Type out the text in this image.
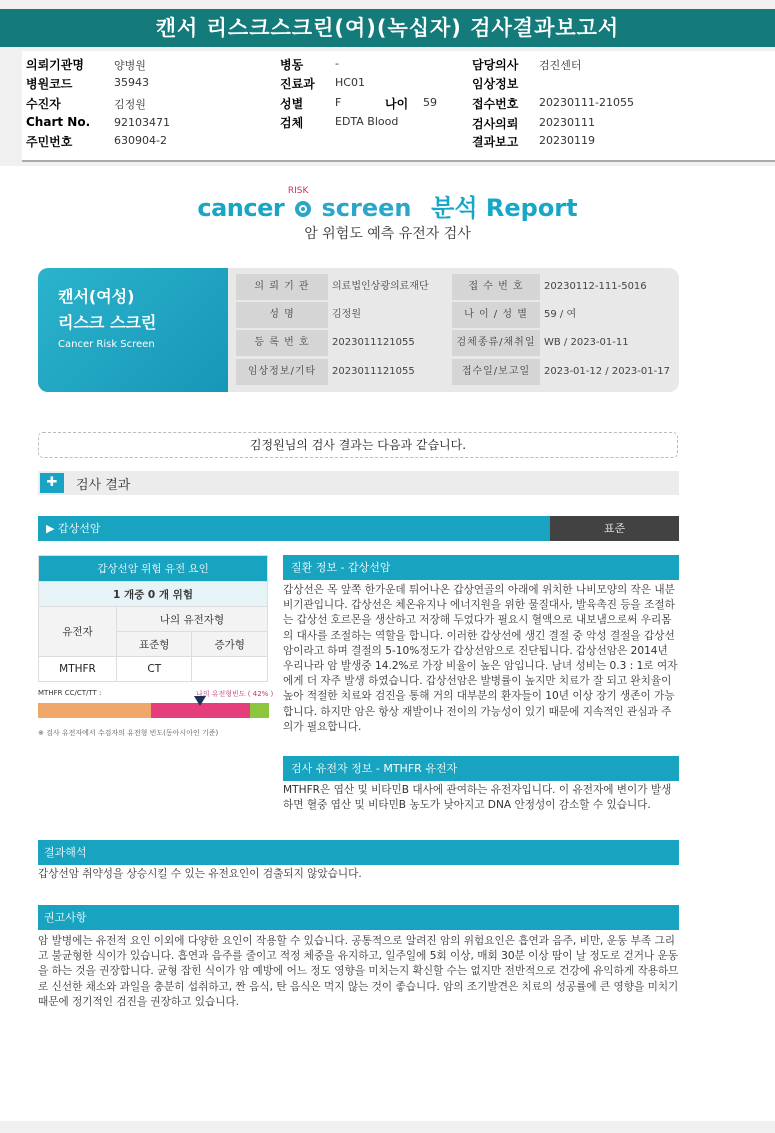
캔서 리스크스크린(여)(녹십자) 검사결과보고서
의뢰기관명	양병원
병원코드	35943
수진자	김정원
Chart No. 92103471
주민번호	630904-2
병동	-
진료과 HC01
성별	F	나이 59
검체	EDTA Blood
담당의사 검진센터
임상정보
접수번호 20230111-21055
검사의뢰 20230111
결과보고 20230119
cancer
RISK
screen 분석 Report
암 위험도 예측 유전자 검사
캔서(여성)
리스크 스크린
Cancer Risk Screen
의 뢰 기 관	의료법인상광의료재단	접 수 번 호	20230112-111-5016
성 명	김정원	나 이 / 성 별	59 / 여
등 록 번 호	2023011121055	검체종류/채취일 WB / 2023-01-11
임상정보/기타	2023011121055	접수일/보고일	2023-01-12 / 2023-01-17
김정원님의 검사 결과는 다음과 같습니다.
✚	검사 결과
▶ 갑상선암	표준
갑상선암 위험 유전 요인		
1 개중 0 개 위험		
유전자	나의 유전자형	
	표준형	증가형
MTHFR	CT	
MTHFR CC/CT/TT :	나의 유전형빈도 ( 42% )
※ 검사 유전자에서 수검자의 유전형 빈도(동아시아인 기준)
질환 정보 - 갑상선암
갑상선은 목 앞쪽 한가운데 튀어나온 갑상연골의 아래에 위치한 나비모양의 작은 내분비기관입니다. 갑상선은 체온유지나 에너지원을 위한 물질대사, 발육촉진 등을 조절하는 갑상선 호르몬을 생산하고 저장해 두었다가 필요시 혈액으로 내보냄으로써 우리몸의 대사를 조절하는 역할을 합니다. 이러한 갑상선에 생긴 결절 중 악성 결절을 갑상선암이라고 하며 결절의 5-10%정도가 갑상선암으로 진단됩니다. 갑상선암은 2014년 우리나라 암 발생중 14.2%로 가장 비율이 높은 암입니다. 남녀 성비는 0.3 : 1로 여자에게 더 자주 발생 하였습니다. 갑상선암은 발병률이 높지만 치료가 잘 되고 완치율이 높아 적절한 치료와 검진을 통해 거의 대부분의 환자들이 10년 이상 장기 생존이 가능합니다. 하지만 암은 항상 재발이나 전이의 가능성이 있기 때문에 지속적인 관심과 주의가 필요합니다.
검사 유전자 정보 - MTHFR 유전자
MTHFR은 엽산 및 비타민B 대사에 관여하는 유전자입니다. 이 유전자에 변이가 발생하면 혈중 엽산 및 비타민B 농도가 낮아지고 DNA 안정성이 감소할 수 있습니다.
결과해석
갑상선암 취약성을 상승시킬 수 있는 유전요인이 검출되지 않았습니다.
권고사항
암 발병에는 유전적 요인 이외에 다양한 요인이 작용할 수 있습니다. 공통적으로 알려진 암의 위험요인은 흡연과 음주, 비만, 운동 부족 그리고 불균형한 식이가 있습니다. 흡연과 음주를 줄이고 적정 체중을 유지하고, 일주일에 5회 이상, 매회 30분 이상 땀이 날 정도로 걷거나 운동을 하는 것을 권장합니다. 균형 잡힌 식이가 암 예방에 어느 정도 영향을 미치는지 확신할 수는 없지만 전반적으로 건강에 유익하게 작용하므로 신선한 채소와 과일을 충분히 섭취하고, 짠 음식, 탄 음식은 먹지 않는 것이 좋습니다. 암의 조기발견은 치료의 성공률에 큰 영향을 미치기 때문에 정기적인 검진을 권장하고 있습니다.
